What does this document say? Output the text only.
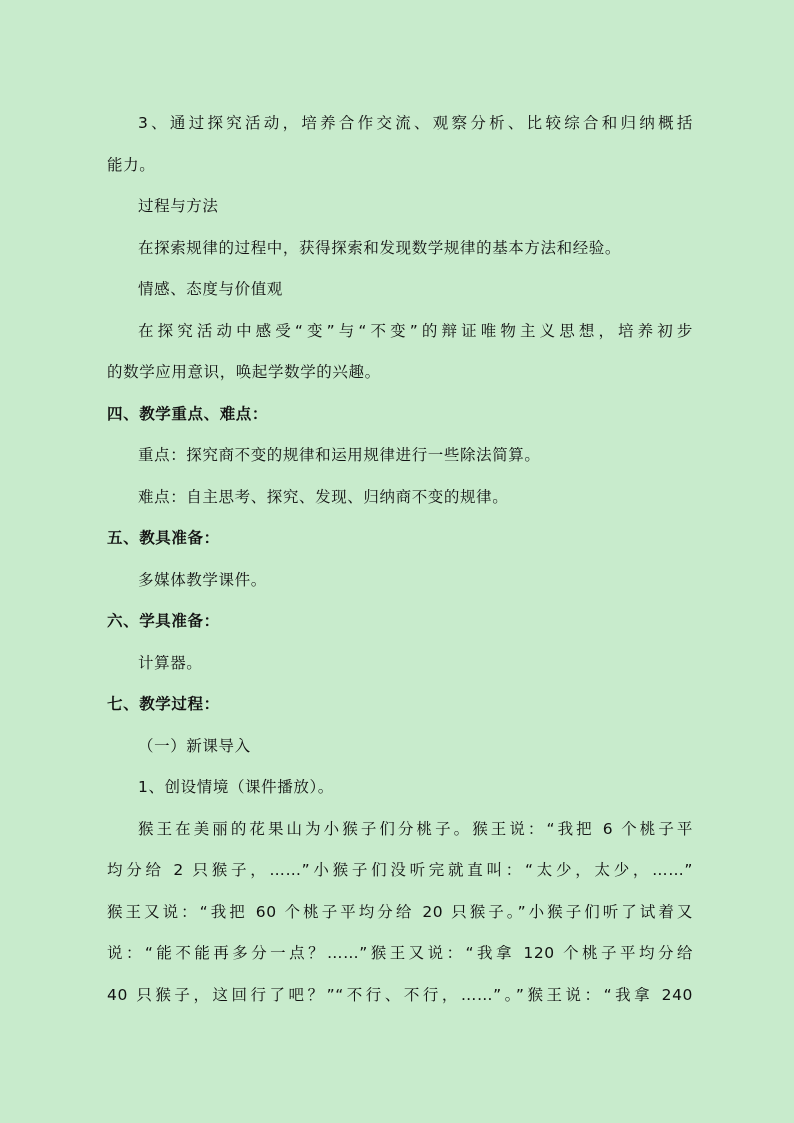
3、通过探究活动，培养合作交流、观察分析、比较综合和归纳概括
能力。
过程与方法
在探索规律的过程中，获得探索和发现数学规律的基本方法和经验。
情感、态度与价值观
在探究活动中感受“变”与“不变”的辩证唯物主义思想，培养初步
的数学应用意识，唤起学数学的兴趣。
四、教学重点、难点：
重点：探究商不变的规律和运用规律进行一些除法简算。
难点：自主思考、探究、发现、归纳商不变的规律。
五、教具准备：
多媒体教学课件。
六、学具准备：
计算器。
七、教学过程：
（一）新课导入
1、创设情境（课件播放）。
猴王在美丽的花果山为小猴子们分桃子。猴王说：“我把 6 个桃子平
均分给 2 只猴子，……”小猴子们没听完就直叫：“太少，太少，……”
猴王又说：“我把 60 个桃子平均分给 20 只猴子。”小猴子们听了试着又
说：“能不能再多分一点？……”猴王又说：“我拿 120 个桃子平均分给
40 只猴子，这回行了吧？”“不行、不行，……”。”猴王说：“我拿 240
